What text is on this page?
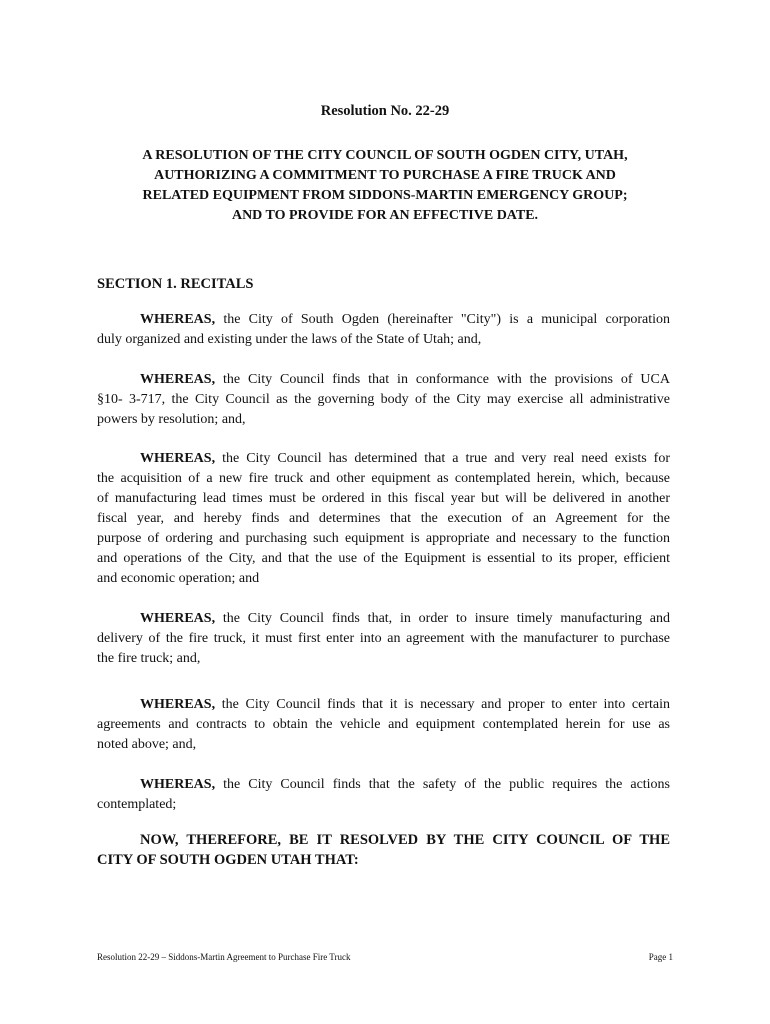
Resolution No. 22-29
A RESOLUTION OF THE CITY COUNCIL OF SOUTH OGDEN CITY, UTAH,
AUTHORIZING A COMMITMENT TO PURCHASE A FIRE TRUCK AND
RELATED EQUIPMENT FROM SIDDONS-MARTIN EMERGENCY GROUP;
AND TO PROVIDE FOR AN EFFECTIVE DATE.
SECTION 1. RECITALS
WHEREAS, the City of South Ogden (hereinafter "City") is a municipal corporation
duly organized and existing under the laws of the State of Utah; and,
WHEREAS, the City Council finds that in conformance with the provisions of UCA
§10- 3-717, the City Council as the governing body of the City may exercise all administrative
powers by resolution; and,
WHEREAS, the City Council has determined that a true and very real need exists for
the acquisition of a new fire truck and other equipment as contemplated herein, which, because
of manufacturing lead times must be ordered in this fiscal year but will be delivered in another
fiscal year, and hereby finds and determines that the execution of an Agreement for the
purpose of ordering and purchasing such equipment is appropriate and necessary to the function
and operations of the City, and that the use of the Equipment is essential to its proper, efficient
and economic operation; and
WHEREAS, the City Council finds that, in order to insure timely manufacturing and
delivery of the fire truck, it must first enter into an agreement with the manufacturer to purchase
the fire truck; and,
WHEREAS, the City Council finds that it is necessary and proper to enter into certain
agreements and contracts to obtain the vehicle and equipment contemplated herein for use as
noted above; and,
WHEREAS, the City Council finds that the safety of the public requires the actions
contemplated;
NOW, THEREFORE, BE IT RESOLVED BY THE CITY COUNCIL OF THE
CITY OF SOUTH OGDEN UTAH THAT:
Resolution 22-29 – Siddons-Martin Agreement to Purchase Fire Truck	Page 1
